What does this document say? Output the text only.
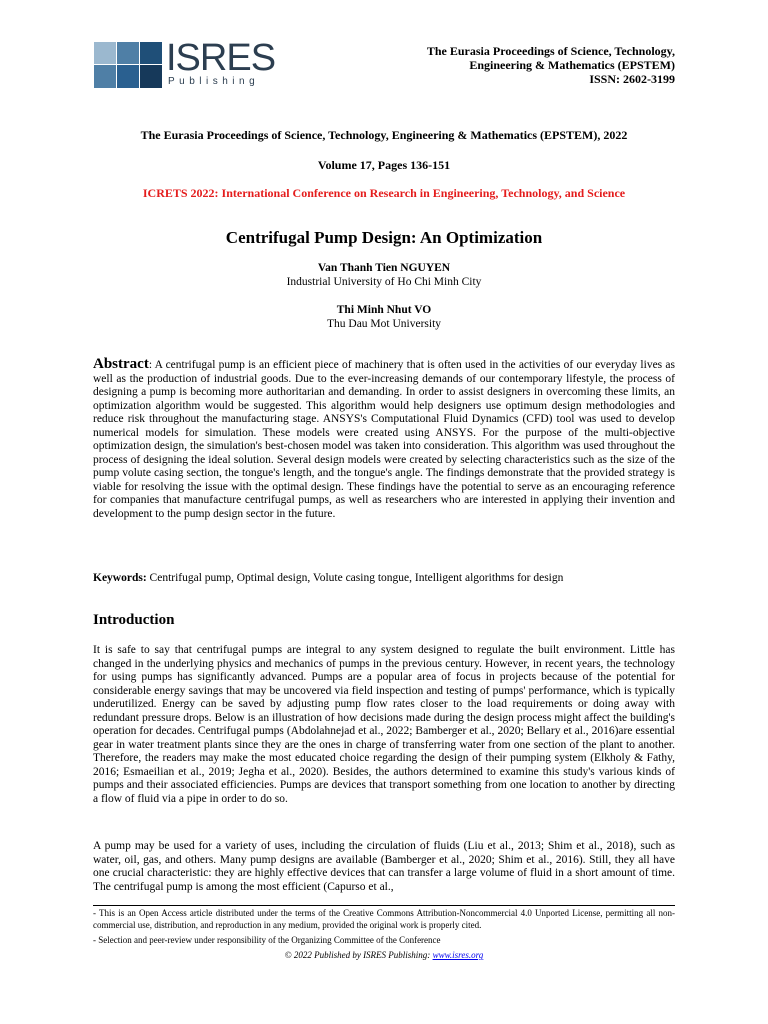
ISRES
Publishing
The Eurasia Proceedings of Science, Technology,
Engineering & Mathematics (EPSTEM)
ISSN: 2602-3199
The Eurasia Proceedings of Science, Technology, Engineering & Mathematics (EPSTEM), 2022
Volume 17, Pages 136-151
ICRETS 2022: International Conference on Research in Engineering, Technology, and Science
Centrifugal Pump Design: An Optimization
Van Thanh Tien NGUYEN
Industrial University of Ho Chi Minh City
Thi Minh Nhut VO
Thu Dau Mot University
Abstract: A centrifugal pump is an efficient piece of machinery that is often used in the activities of our everyday lives as well as the production of industrial goods. Due to the ever-increasing demands of our contemporary lifestyle, the process of designing a pump is becoming more authoritarian and demanding. In order to assist designers in overcoming these limits, an optimization algorithm would be suggested. This algorithm would help designers use optimum design methodologies and reduce risk throughout the manufacturing stage. ANSYS's Computational Fluid Dynamics (CFD) tool was used to develop numerical models for simulation. These models were created using ANSYS. For the purpose of the multi-objective optimization design, the simulation's best-chosen model was taken into consideration. This algorithm was used throughout the process of designing the ideal solution. Several design models were created by selecting characteristics such as the size of the pump volute casing section, the tongue's length, and the tongue's angle. The findings demonstrate that the provided strategy is viable for resolving the issue with the optimal design. These findings have the potential to serve as an encouraging reference for companies that manufacture centrifugal pumps, as well as researchers who are interested in applying their invention and development to the pump design sector in the future.
Keywords: Centrifugal pump, Optimal design, Volute casing tongue, Intelligent algorithms for design
Introduction

It is safe to say that centrifugal pumps are integral to any system designed to regulate the built environment. Little has changed in the underlying physics and mechanics of pumps in the previous century. However, in recent years, the technology for using pumps has significantly advanced. Pumps are a popular area of focus in projects because of the potential for considerable energy savings that may be uncovered via field inspection and testing of pumps' performance, which is typically underutilized. Energy can be saved by adjusting pump flow rates closer to the load requirements or doing away with redundant pressure drops. Below is an illustration of how decisions made during the design process might affect the building's operation for decades. Centrifugal pumps (Abdolahnejad et al., 2022; Bamberger et al., 2020; Bellary et al., 2016)are essential gear in water treatment plants since they are the ones in charge of transferring water from one section of the plant to another. Therefore, the readers may make the most educated choice regarding the design of their pumping system (Elkholy & Fathy, 2016; Esmaeilian et al., 2019; Jegha et al., 2020). Besides, the authors determined to examine this study's various kinds of pumps and their associated efficiencies. Pumps are devices that transport something from one location to another by directing a flow of fluid via a pipe in order to do so.

A pump may be used for a variety of uses, including the circulation of fluids (Liu et al., 2013; Shim et al., 2018), such as water, oil, gas, and others. Many pump designs are available (Bamberger et al., 2020; Shim et al., 2016). Still, they all have one crucial characteristic: they are highly effective devices that can transfer a large volume of fluid in a short amount of time. The centrifugal pump is among the most efficient (Capurso et al.,

- This is an Open Access article distributed under the terms of the Creative Commons Attribution-Noncommercial 4.0 Unported License, permitting all non-commercial use, distribution, and reproduction in any medium, provided the original work is properly cited.

- Selection and peer-review under responsibility of the Organizing Committee of the Conference

© 2022 Published by ISRES Publishing: www.isres.org
